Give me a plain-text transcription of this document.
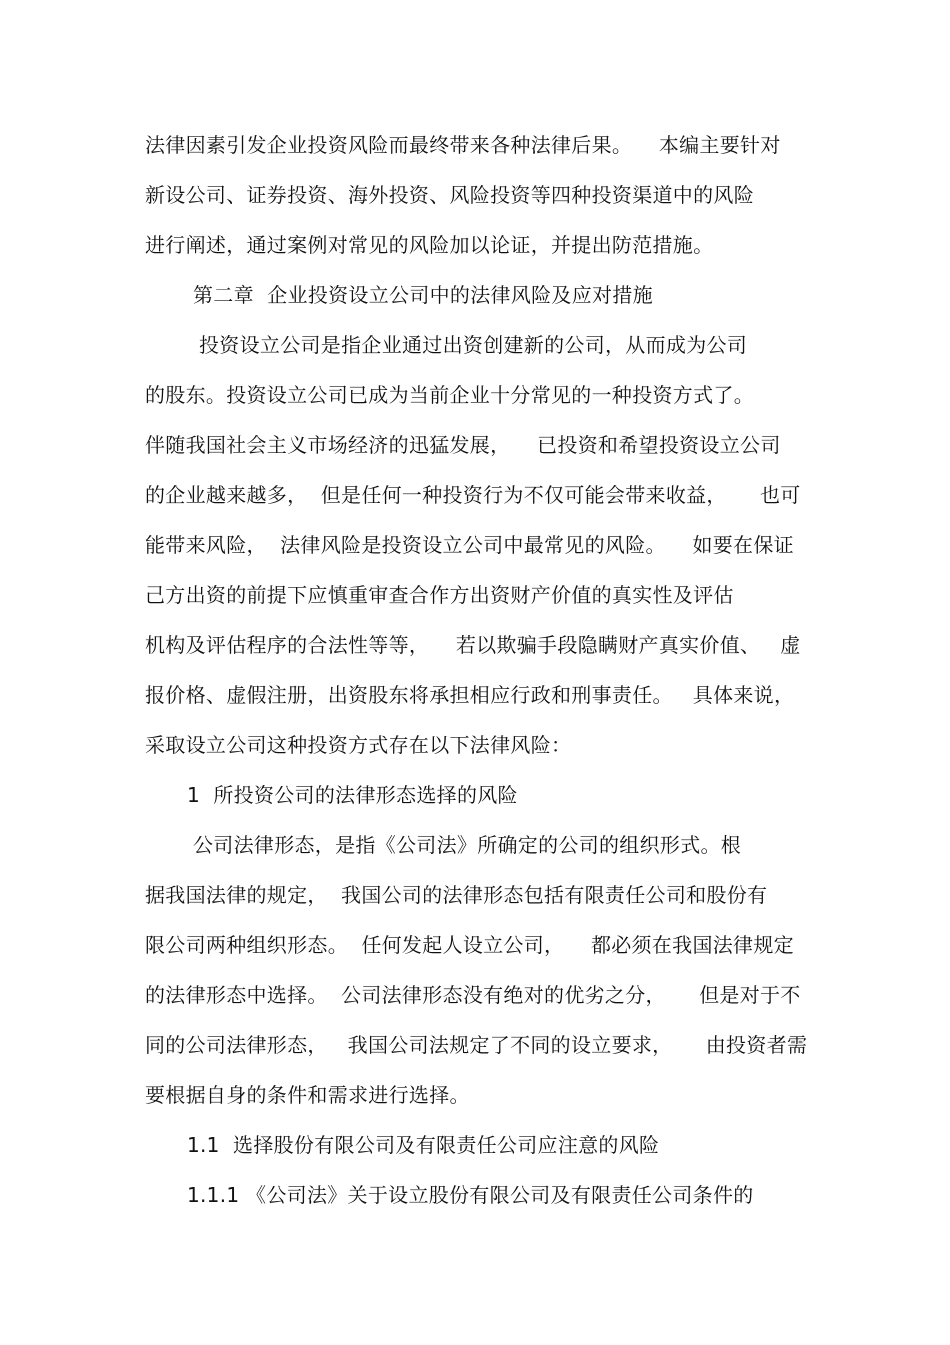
法律因素引发企业投资风险而最终带来各种法律后果。    本编主要针对
新设公司、证券投资、海外投资、风险投资等四种投资渠道中的风险
进行阐述，通过案例对常见的风险加以论证，并提出防范措施。
第二章  企业投资设立公司中的法律风险及应对措施
投资设立公司是指企业通过出资创建新的公司，从而成为公司
的股东。投资设立公司已成为当前企业十分常见的一种投资方式了。
伴随我国社会主义市场经济的迅猛发展，    已投资和希望投资设立公司
的企业越来越多，  但是任何一种投资行为不仅可能会带来收益，     也可
能带来风险，  法律风险是投资设立公司中最常见的风险。    如要在保证
己方出资的前提下应慎重审查合作方出资财产价值的真实性及评估
机构及评估程序的合法性等等，    若以欺骗手段隐瞒财产真实价值、   虚
报价格、虚假注册，出资股东将承担相应行政和刑事责任。   具体来说，
采取设立公司这种投资方式存在以下法律风险：
1  所投资公司的法律形态选择的风险
公司法律形态，是指《公司法》所确定的公司的组织形式。根
据我国法律的规定，  我国公司的法律形态包括有限责任公司和股份有
限公司两种组织形态。  任何发起人设立公司，    都必须在我国法律规定
的法律形态中选择。  公司法律形态没有绝对的优劣之分，     但是对于不
同的公司法律形态，   我国公司法规定了不同的设立要求，     由投资者需
要根据自身的条件和需求进行选择。
1.1  选择股份有限公司及有限责任公司应注意的风险
1.1.1 《公司法》关于设立股份有限公司及有限责任公司条件的
